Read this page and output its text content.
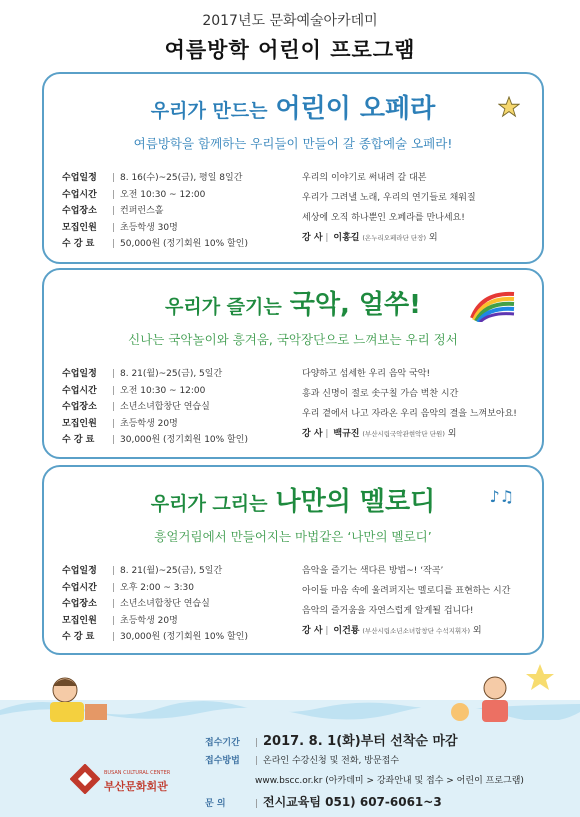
2017년도 문화예술아카데미
여름방학 어린이 프로그램
우리가 만드는 어린이 오페라
여름방학을 함께하는 우리들이 만들어 갈 종합예술 오페라!
수업일정 | 8. 16(수)~25(금), 평일 8일간
수업시간 | 오전 10:30 ~ 12:00
수업장소 | 컨퍼런스홀
모집인원 | 초등학생 30명
수 강 료 | 50,000원 (정기회원 10% 할인)
우리의 이야기로 써내려 갈 대본
우리가 그려낼 노래, 우리의 연기들로 채워질
세상에 오직 하나뿐인 오페라를 만나세요!
강 사 | 이홍길 (온누리오페라단 단장) 외
우리가 즐기는 국악, 얼쑤!
신나는 국악놀이와 흥겨움, 국악장단으로 느껴보는 우리 정서
수업일정 | 8. 21(월)~25(금), 5일간
수업시간 | 오전 10:30 ~ 12:00
수업장소 | 소년소녀합창단 연습실
모집인원 | 초등학생 20명
수 강 료 | 30,000원 (정기회원 10% 할인)
다양하고 섬세한 우리 음악 국악!
흥과 신명이 절로 솟구칠 가슴 벅찬 시간
우리 곁에서 나고 자라온 우리 음악의 결을 느껴보아요!
강 사 | 백규진 (부산시립국악관현악단 단원) 외
우리가 그리는 나만의 멜로디	♪♫
흥얼거림에서 만들어지는 마법같은 ‘나만의 멜로디’
수업일정 | 8. 21(월)~25(금), 5일간
수업시간 | 오후 2:00 ~ 3:30
수업장소 | 소년소녀합창단 연습실
모집인원 | 초등학생 20명
수 강 료 | 30,000원 (정기회원 10% 할인)
음악을 즐기는 색다른 방법~! ‘작곡’
아이들 마음 속에 울려퍼지는 멜로디를 표현하는 시간
음악의 즐거움을 자연스럽게 알게될 겁니다!
강 사 | 이건룡 (부산시립소년소녀합창단 수석지휘자) 외
접수기간 | 2017. 8. 1(화)부터 선착순 마감
접수방법 | 온라인 수강신청 및 전화, 방문접수
www.bscc.or.kr (아카데미 > 강좌안내 및 접수 > 어린이 프로그램)
문 의	| 전시교육팀 051) 607-6061~3
BUSAN CULTURAL CENTER
부산문화회관
